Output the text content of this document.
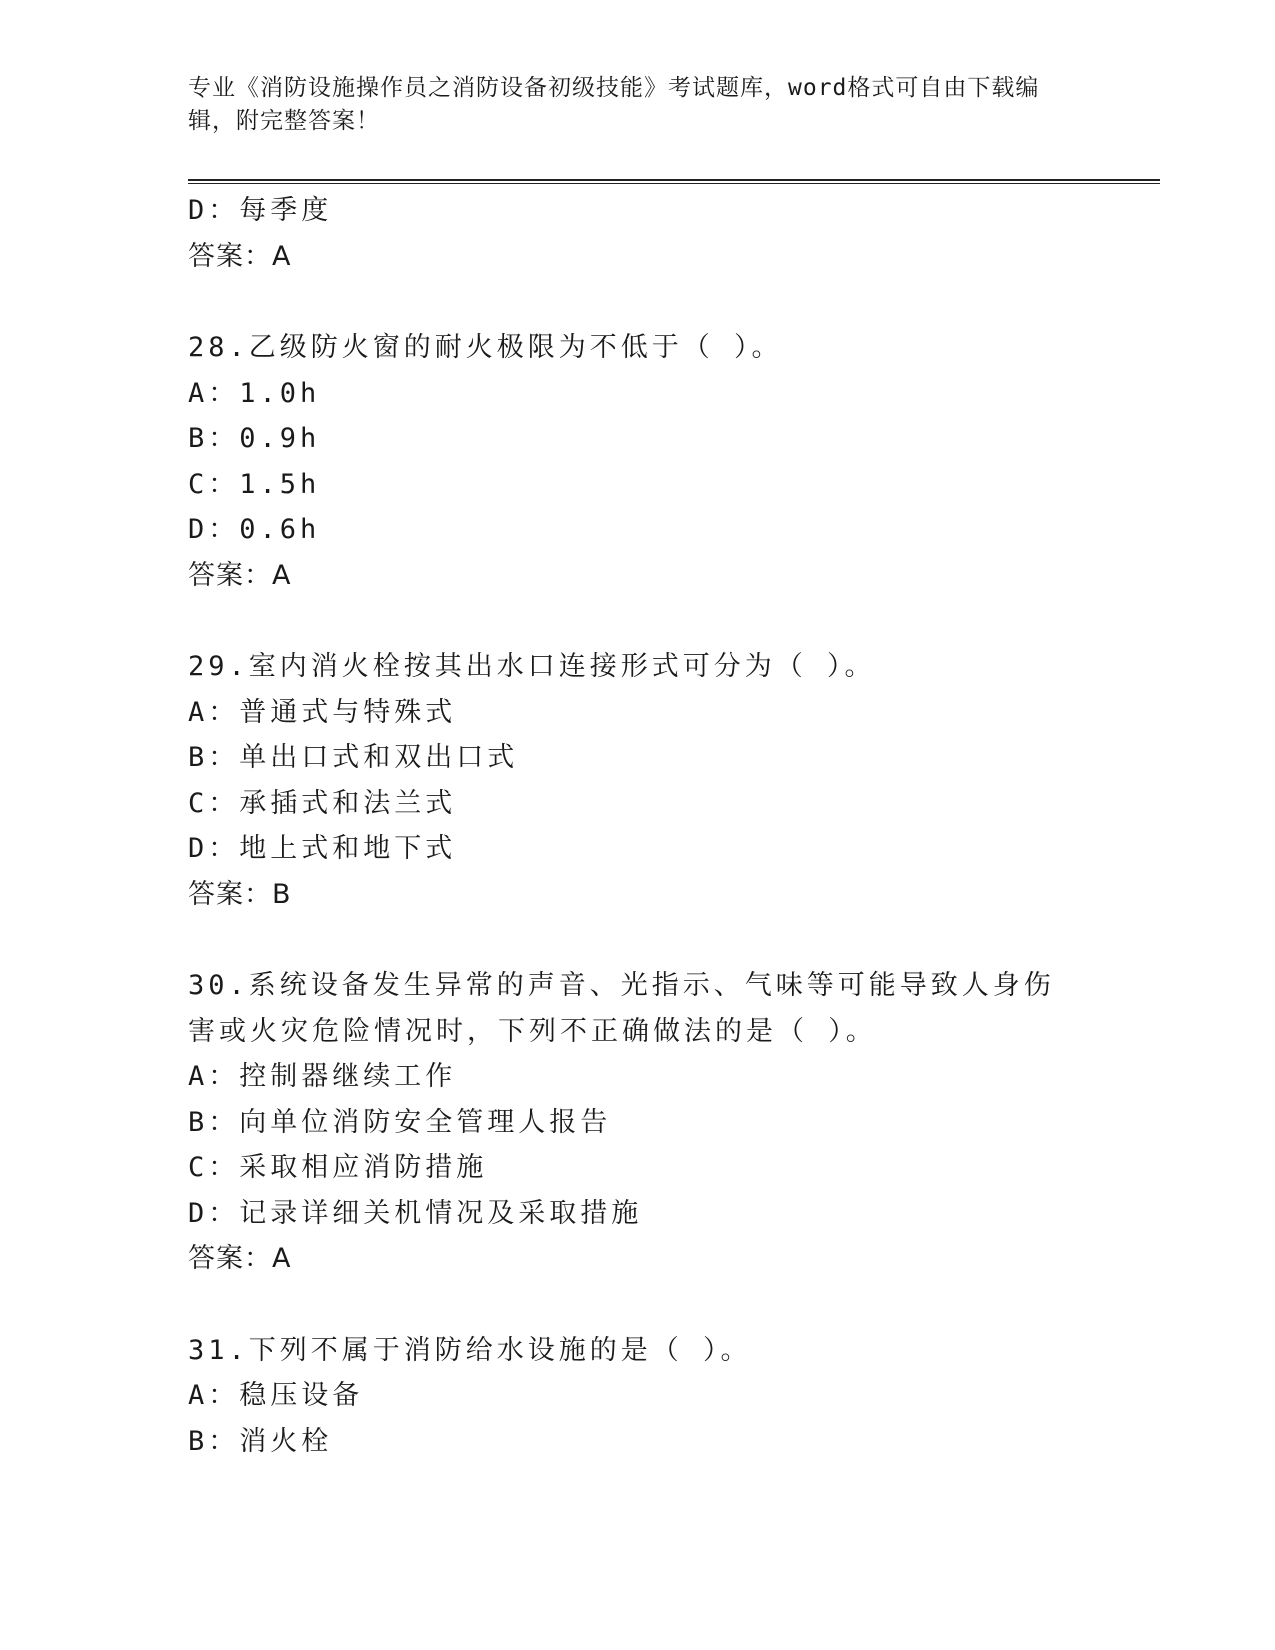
专业《消防设施操作员之消防设备初级技能》考试题库，word格式可自由下载编辑，附完整答案！
D：每季度
答案：A
28.乙级防火窗的耐火极限为不低于（ ）。
A：1.0h
B：0.9h
C：1.5h
D：0.6h
答案：A
29.室内消火栓按其出水口连接形式可分为（ ）。
A：普通式与特殊式
B：单出口式和双出口式
C：承插式和法兰式
D：地上式和地下式
答案：B
30.系统设备发生异常的声音、光指示、气味等可能导致人身伤害或火灾危险情况时，下列不正确做法的是（ ）。
A：控制器继续工作
B：向单位消防安全管理人报告
C：采取相应消防措施
D：记录详细关机情况及采取措施
答案：A
31.下列不属于消防给水设施的是（ ）。
A：稳压设备
B：消火栓
